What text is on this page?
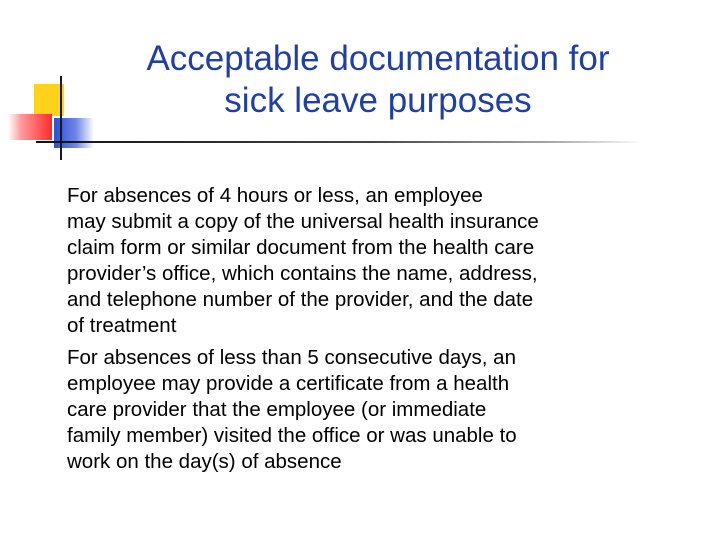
Acceptable documentation for
sick leave purposes

For absences of 4 hours or less, an employee
may submit a copy of the universal health insurance
claim form or similar document from the health care
provider’s office, which contains the name, address,
and telephone number of the provider, and the date
of treatment

For absences of less than 5 consecutive days, an
employee may provide a certificate from a health
care provider that the employee (or immediate
family member) visited the office or was unable to
work on the day(s) of absence
